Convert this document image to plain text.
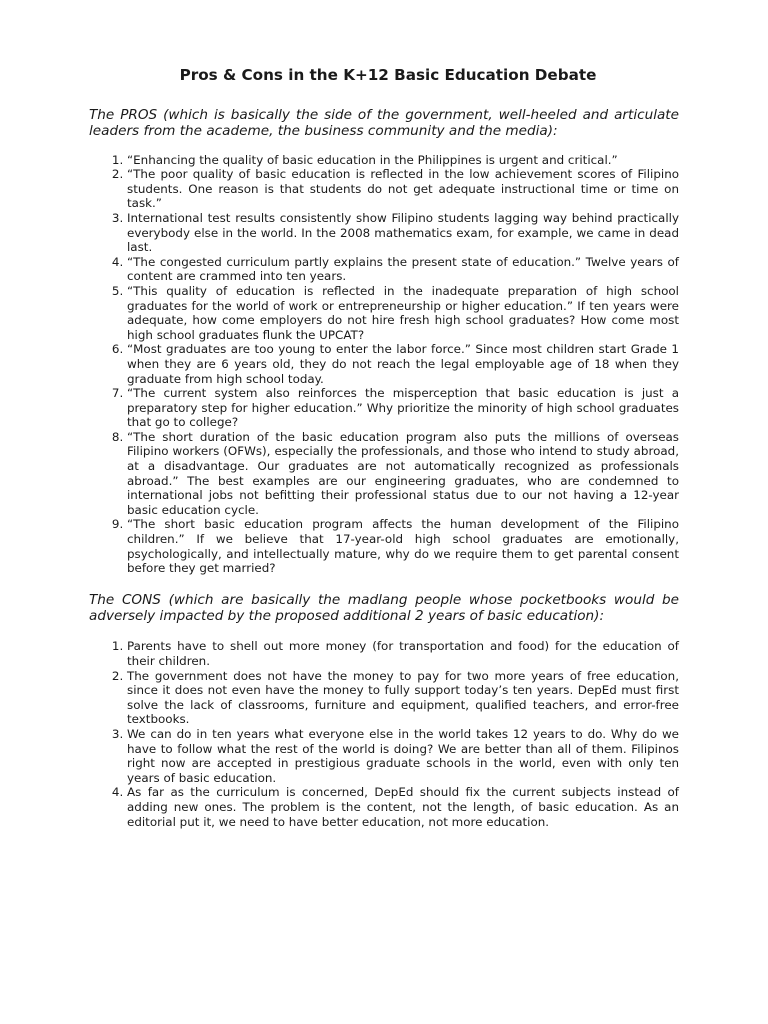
Pros & Cons in the K+12 Basic Education Debate

The PROS (which is basically the side of the government, well-heeled and articulate leaders from the academe, the business community and the media):

1. “Enhancing the quality of basic education in the Philippines is urgent and critical.”
2. “The poor quality of basic education is reflected in the low achievement scores of Filipino students. One reason is that students do not get adequate instructional time or time on task.”
3. International test results consistently show Filipino students lagging way behind practically everybody else in the world. In the 2008 mathematics exam, for example, we came in dead last.
4. “The congested curriculum partly explains the present state of education.” Twelve years of content are crammed into ten years.
5. “This quality of education is reflected in the inadequate preparation of high school graduates for the world of work or entrepreneurship or higher education.” If ten years were adequate, how come employers do not hire fresh high school graduates? How come most high school graduates flunk the UPCAT?
6. “Most graduates are too young to enter the labor force.” Since most children start Grade 1 when they are 6 years old, they do not reach the legal employable age of 18 when they graduate from high school today.
7. “The current system also reinforces the misperception that basic education is just a preparatory step for higher education.” Why prioritize the minority of high school graduates that go to college?
8. “The short duration of the basic education program also puts the millions of overseas Filipino workers (OFWs), especially the professionals, and those who intend to study abroad, at a disadvantage. Our graduates are not automatically recognized as professionals abroad.” The best examples are our engineering graduates, who are condemned to international jobs not befitting their professional status due to our not having a 12-year basic education cycle.
9. “The short basic education program affects the human development of the Filipino children.” If we believe that 17-year-old high school graduates are emotionally, psychologically, and intellectually mature, why do we require them to get parental consent before they get married?

The CONS (which are basically the madlang people whose pocketbooks would be adversely impacted by the proposed additional 2 years of basic education):

1. Parents have to shell out more money (for transportation and food) for the education of their children.
2. The government does not have the money to pay for two more years of free education, since it does not even have the money to fully support today’s ten years. DepEd must first solve the lack of classrooms, furniture and equipment, qualified teachers, and error-free textbooks.
3. We can do in ten years what everyone else in the world takes 12 years to do. Why do we have to follow what the rest of the world is doing? We are better than all of them. Filipinos right now are accepted in prestigious graduate schools in the world, even with only ten years of basic education.
4. As far as the curriculum is concerned, DepEd should fix the current subjects instead of adding new ones. The problem is the content, not the length, of basic education. As an editorial put it, we need to have better education, not more education.
